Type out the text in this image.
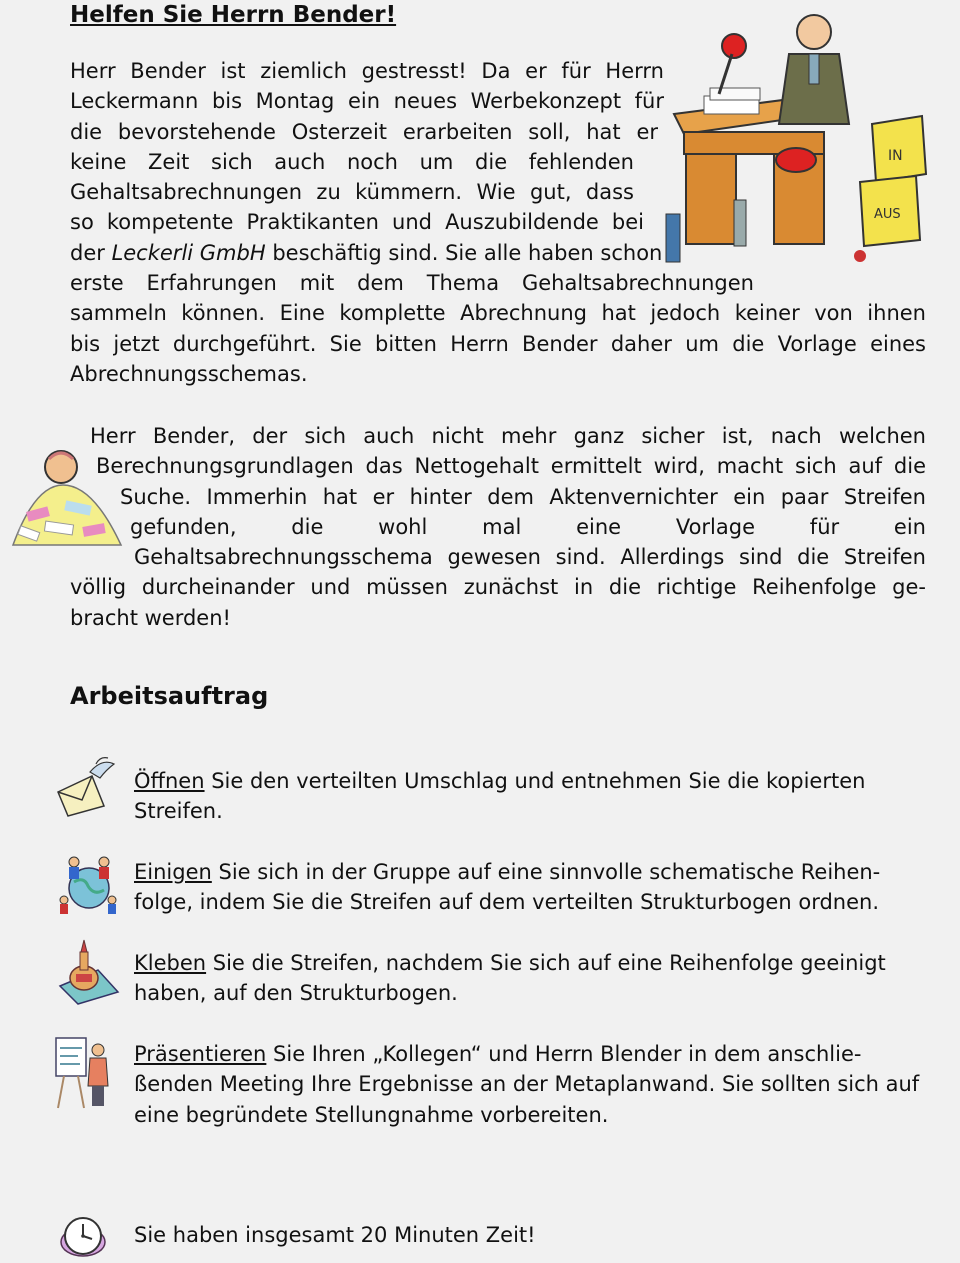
Helfen Sie Herrn Bender!
Herr Bender ist ziemlich gestresst! Da er für Herrn
Leckermann bis Montag ein neues Werbekonzept für
die bevorstehende Osterzeit erarbeiten soll, hat er
keine Zeit sich auch noch um die fehlenden
Gehaltsabrechnungen zu kümmern. Wie gut, dass
so kompetente Praktikanten und Auszubildende bei
der Leckerli GmbH beschäftig sind. Sie alle haben schon
erste Erfahrungen mit dem Thema Gehaltsabrechnungen
sammeln können. Eine komplette Abrechnung hat jedoch keiner von ihnen
bis jetzt durchgeführt. Sie bitten Herrn Bender daher um die Vorlage eines
Abrechnungsschemas.
IN
AUS
Herr Bender, der sich auch nicht mehr ganz sicher ist, nach welchen
Berechnungsgrundlagen das Nettogehalt ermittelt wird, macht sich auf die
Suche. Immerhin hat er hinter dem Aktenvernichter ein paar Streifen
gefunden, die wohl mal eine Vorlage für ein
Gehaltsabrechnungsschema gewesen sind. Allerdings sind die Streifen
völlig durcheinander und müssen zunächst in die richtige Reihenfolge ge-
bracht werden!
Arbeitsauftrag

Öffnen Sie den verteilten Umschlag und entnehmen Sie die kopierten Streifen.

Einigen Sie sich in der Gruppe auf eine sinnvolle schematische Reihen-folge, indem Sie die Streifen auf dem verteilten Strukturbogen ordnen.

Kleben Sie die Streifen, nachdem Sie sich auf eine Reihenfolge geeinigt haben, auf den Strukturbogen.

Präsentieren Sie Ihren „Kollegen“ und Herrn Blender in dem anschlie-ßenden Meeting Ihre Ergebnisse an der Metaplanwand. Sie sollten sich auf eine begründete Stellungnahme vorbereiten.

Sie haben insgesamt 20 Minuten Zeit!
